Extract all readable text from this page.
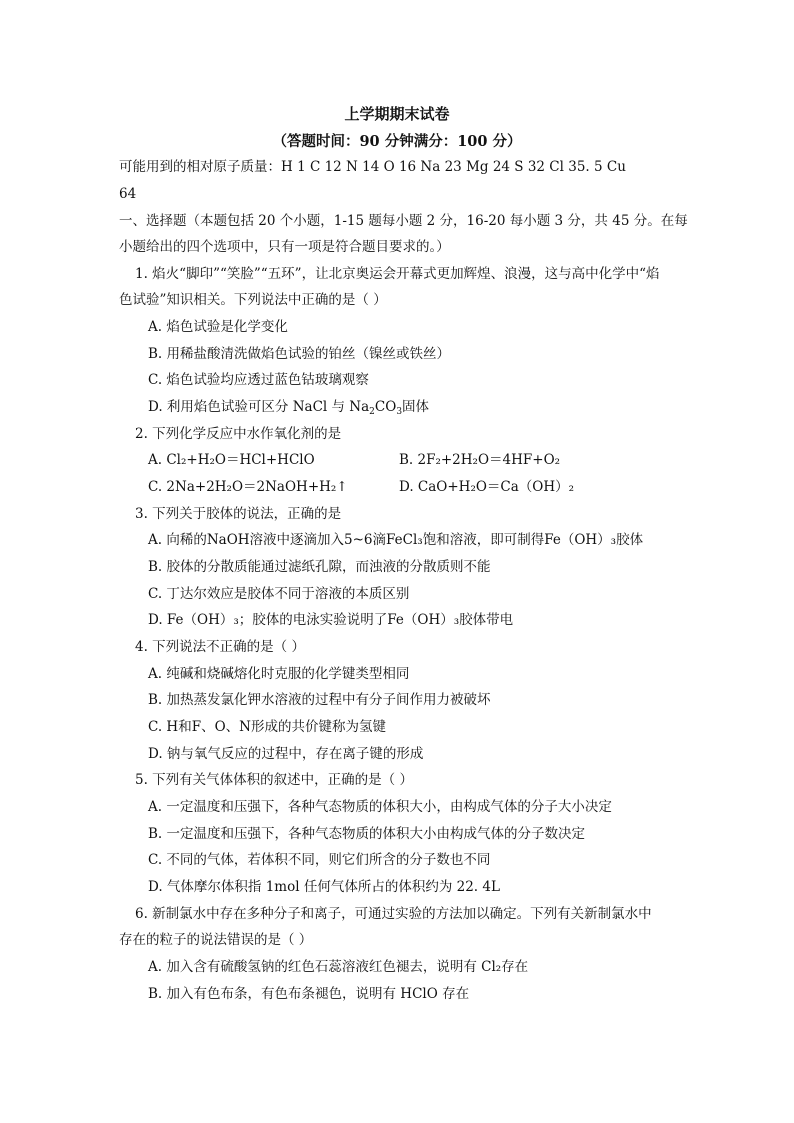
上学期期末试卷
（答题时间：90 分钟满分：100 分）
可能用到的相对原子质量：H 1 C 12 N 14 O 16 Na 23 Mg 24 S 32 Cl 35. 5 Cu
64
一、选择题（本题包括 20 个小题，1-15 题每小题 2 分，16-20 每小题 3 分，共 45 分。在每
小题给出的四个选项中，只有一项是符合题目要求的。）
1. 焰火“脚印”“笑脸”“五环”，让北京奥运会开幕式更加辉煌、浪漫，这与高中化学中“焰
色试验”知识相关。下列说法中正确的是（ ）
A. 焰色试验是化学变化
B. 用稀盐酸清洗做焰色试验的铂丝（镍丝或铁丝）
C. 焰色试验均应透过蓝色钴玻璃观察
D. 利用焰色试验可区分 NaCl 与 $Na_2CO_3$固体
2. 下列化学反应中水作氧化剂的是
A. Cl₂+H₂O＝HCl+HClO	B. 2F₂+2H₂O＝4HF+O₂
C. 2Na+2H₂O＝2NaOH+H₂↑	D. CaO+H₂O＝Ca（OH）₂
3. 下列关于胶体的说法，正确的是
A. 向稀的NaOH溶液中逐滴加入5~6滴FeCl₃饱和溶液，即可制得Fe（OH）₃胶体
B. 胶体的分散质能通过滤纸孔隙，而浊液的分散质则不能
C. 丁达尔效应是胶体不同于溶液的本质区别
D. Fe（OH）₃；胶体的电泳实验说明了Fe（OH）₃胶体带电
4. 下列说法不正确的是（ ）
A. 纯碱和烧碱熔化时克服的化学键类型相同
B. 加热蒸发氯化钾水溶液的过程中有分子间作用力被破坏
C. H和F、O、N形成的共价键称为氢键
D. 钠与氧气反应的过程中，存在离子键的形成
5. 下列有关气体体积的叙述中，正确的是（ ）
A. 一定温度和压强下，各种气态物质的体积大小，由构成气体的分子大小决定
B. 一定温度和压强下，各种气态物质的体积大小由构成气体的分子数决定
C. 不同的气体，若体积不同，则它们所含的分子数也不同
D. 气体摩尔体积指 1mol 任何气体所占的体积约为 22. 4L
6. 新制氯水中存在多种分子和离子，可通过实验的方法加以确定。下列有关新制氯水中
存在的粒子的说法错误的是（ ）
A. 加入含有硫酸氢钠的红色石蕊溶液红色褪去，说明有 Cl₂存在
B. 加入有色布条，有色布条褪色，说明有 HClO 存在
